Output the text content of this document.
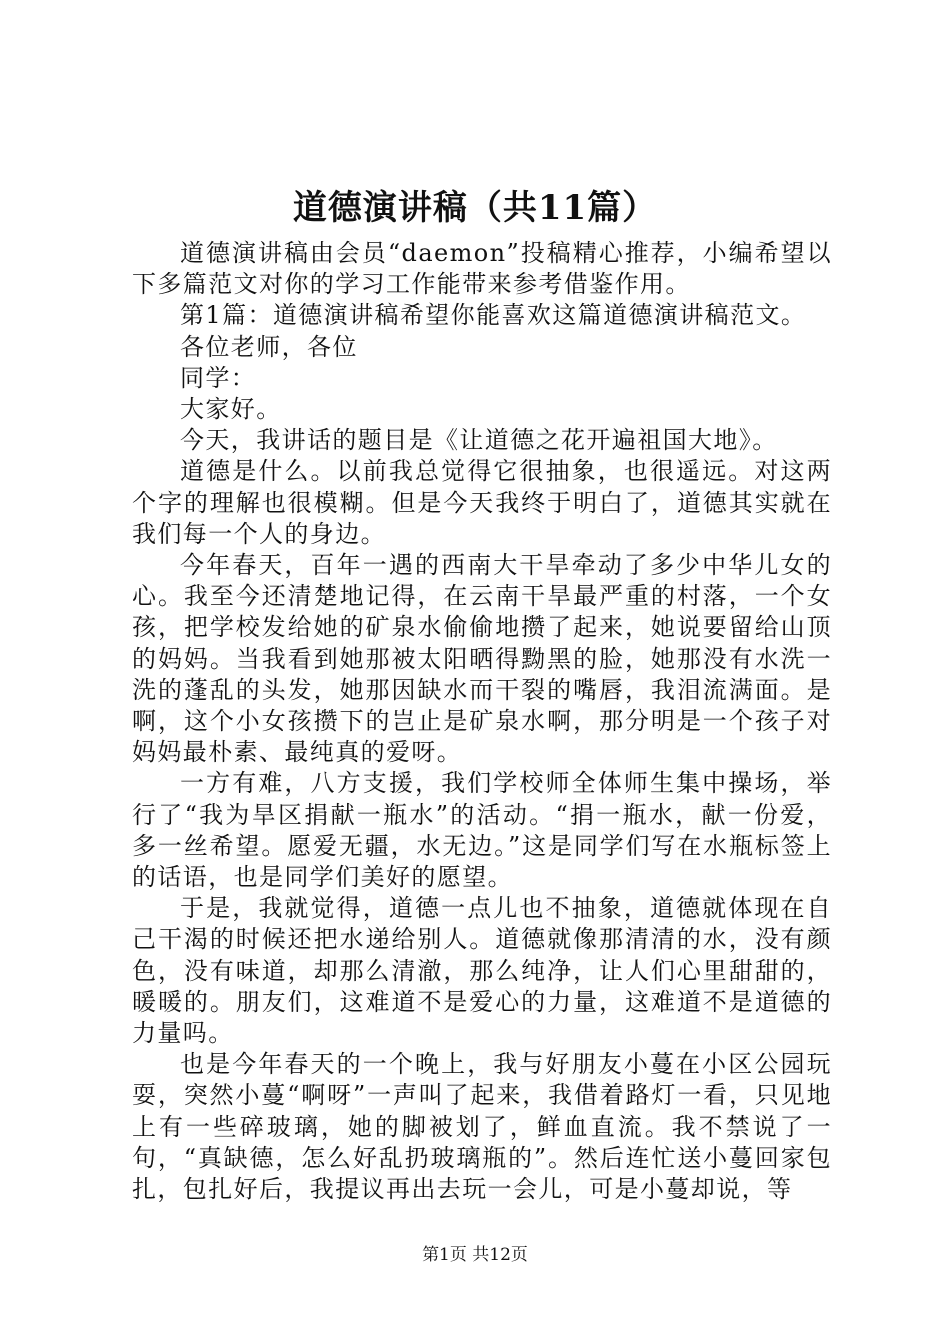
道德演讲稿（共11篇）

道德演讲稿由会员“daemon”投稿精心推荐，小编希望以下多篇范文对你的学习工作能带来参考借鉴作用。

第1篇：道德演讲稿希望你能喜欢这篇道德演讲稿范文。

各位老师，各位

同学：

大家好。

今天，我讲话的题目是《让道德之花开遍祖国大地》。

道德是什么。以前我总觉得它很抽象，也很遥远。对这两个字的理解也很模糊。但是今天我终于明白了，道德其实就在我们每一个人的身边。

今年春天，百年一遇的西南大干旱牵动了多少中华儿女的心。我至今还清楚地记得，在云南干旱最严重的村落，一个女孩，把学校发给她的矿泉水偷偷地攒了起来，她说要留给山顶的妈妈。当我看到她那被太阳晒得黝黑的脸，她那没有水洗一洗的蓬乱的头发，她那因缺水而干裂的嘴唇，我泪流满面。是啊，这个小女孩攒下的岂止是矿泉水啊，那分明是一个孩子对妈妈最朴素、最纯真的爱呀。

一方有难，八方支援，我们学校师全体师生集中操场，举行了“我为旱区捐献一瓶水”的活动。“捐一瓶水，献一份爱，多一丝希望。愿爱无疆，水无边。”这是同学们写在水瓶标签上的话语，也是同学们美好的愿望。

于是，我就觉得，道德一点儿也不抽象，道德就体现在自己干渴的时候还把水递给别人。道德就像那清清的水，没有颜色，没有味道，却那么清澈，那么纯净，让人们心里甜甜的，暖暖的。朋友们，这难道不是爱心的力量，这难道不是道德的力量吗。

也是今年春天的一个晚上，我与好朋友小蔓在小区公园玩耍，突然小蔓“啊呀”一声叫了起来，我借着路灯一看，只见地上有一些碎玻璃，她的脚被划了，鲜血直流。我不禁说了一句，“真缺德，怎么好乱扔玻璃瓶的”。然后连忙送小蔓回家包扎，包扎好后，我提议再出去玩一会儿，可是小蔓却说，等

第1页 共12页
